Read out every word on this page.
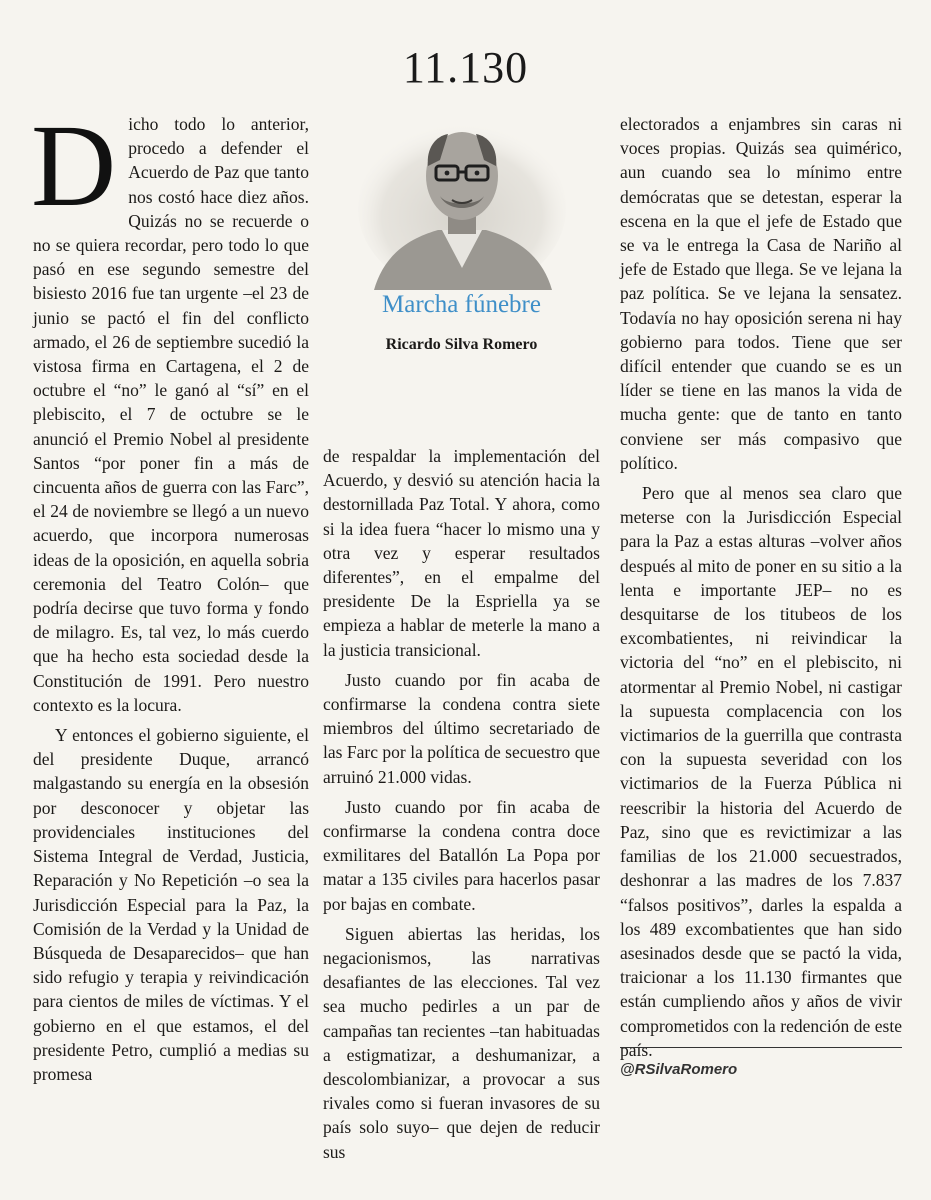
11.130

Dicho todo lo anterior, procedo a defender el Acuerdo de Paz que tanto nos costó hace diez años. Quizás no se recuerde o no se quiera recordar, pero todo lo que pasó en ese segundo semestre del bisiesto 2016 fue tan urgente –el 23 de junio se pactó el fin del conflicto armado, el 26 de septiembre sucedió la vistosa firma en Cartagena, el 2 de octubre el “no” le ganó al “sí” en el plebiscito, el 7 de octubre se le anunció el Premio Nobel al presidente Santos “por poner fin a más de cincuenta años de guerra con las Farc”, el 24 de noviembre se llegó a un nuevo acuerdo, que incorpora numerosas ideas de la oposición, en aquella sobria ceremonia del Teatro Colón– que podría decirse que tuvo forma y fondo de milagro. Es, tal vez, lo más cuerdo que ha hecho esta sociedad desde la Constitución de 1991. Pero nuestro contexto es la locura.

Y entonces el gobierno siguiente, el del presidente Duque, arrancó malgastando su energía en la obsesión por desconocer y objetar las providenciales instituciones del Sistema Integral de Verdad, Justicia, Reparación y No Repetición –o sea la Jurisdicción Especial para la Paz, la Comisión de la Verdad y la Unidad de Búsqueda de Desaparecidos– que han sido refugio y terapia y reivindicación para cientos de miles de víctimas. Y el gobierno en el que estamos, el del presidente Petro, cumplió a medias su promesa

Marcha fúnebre
Ricardo Silva Romero

de respaldar la implementación del Acuerdo, y desvió su atención hacia la destornillada Paz Total. Y ahora, como si la idea fuera “hacer lo mismo una y otra vez y esperar resultados diferentes”, en el empalme del presidente De la Espriella ya se empieza a hablar de meterle la mano a la justicia transicional.

Justo cuando por fin acaba de confirmarse la condena contra siete miembros del último secretariado de las Farc por la política de secuestro que arruinó 21.000 vidas.

Justo cuando por fin acaba de confirmarse la condena contra doce exmilitares del Batallón La Popa por matar a 135 civiles para hacerlos pasar por bajas en combate.

Siguen abiertas las heridas, los negacionismos, las narrativas desafiantes de las elecciones. Tal vez sea mucho pedirles a un par de campañas tan recientes –tan habituadas a estigmatizar, a deshumanizar, a descolombianizar, a provocar a sus rivales como si fueran invasores de su país solo suyo– que dejen de reducir sus

electorados a enjambres sin caras ni voces propias. Quizás sea quimérico, aun cuando sea lo mínimo entre demócratas que se detestan, esperar la escena en la que el jefe de Estado que se va le entrega la Casa de Nariño al jefe de Estado que llega. Se ve lejana la paz política. Se ve lejana la sensatez. Todavía no hay oposición serena ni hay gobierno para todos. Tiene que ser difícil entender que cuando se es un líder se tiene en las manos la vida de mucha gente: que de tanto en tanto conviene ser más compasivo que político.

Pero que al menos sea claro que meterse con la Jurisdicción Especial para la Paz a estas alturas –volver años después al mito de poner en su sitio a la lenta e importante JEP– no es desquitarse de los titubeos de los excombatientes, ni reivindicar la victoria del “no” en el plebiscito, ni atormentar al Premio Nobel, ni castigar la supuesta complacencia con los victimarios de la guerrilla que contrasta con la supuesta severidad con los victimarios de la Fuerza Pública ni reescribir la historia del Acuerdo de Paz, sino que es revictimizar a las familias de los 21.000 secuestrados, deshonrar a las madres de los 7.837 “falsos positivos”, darles la espalda a los 489 excombatientes que han sido asesinados desde que se pactó la vida, traicionar a los 11.130 firmantes que están cumpliendo años y años de vivir comprometidos con la redención de este país.

@RSilvaRomero
